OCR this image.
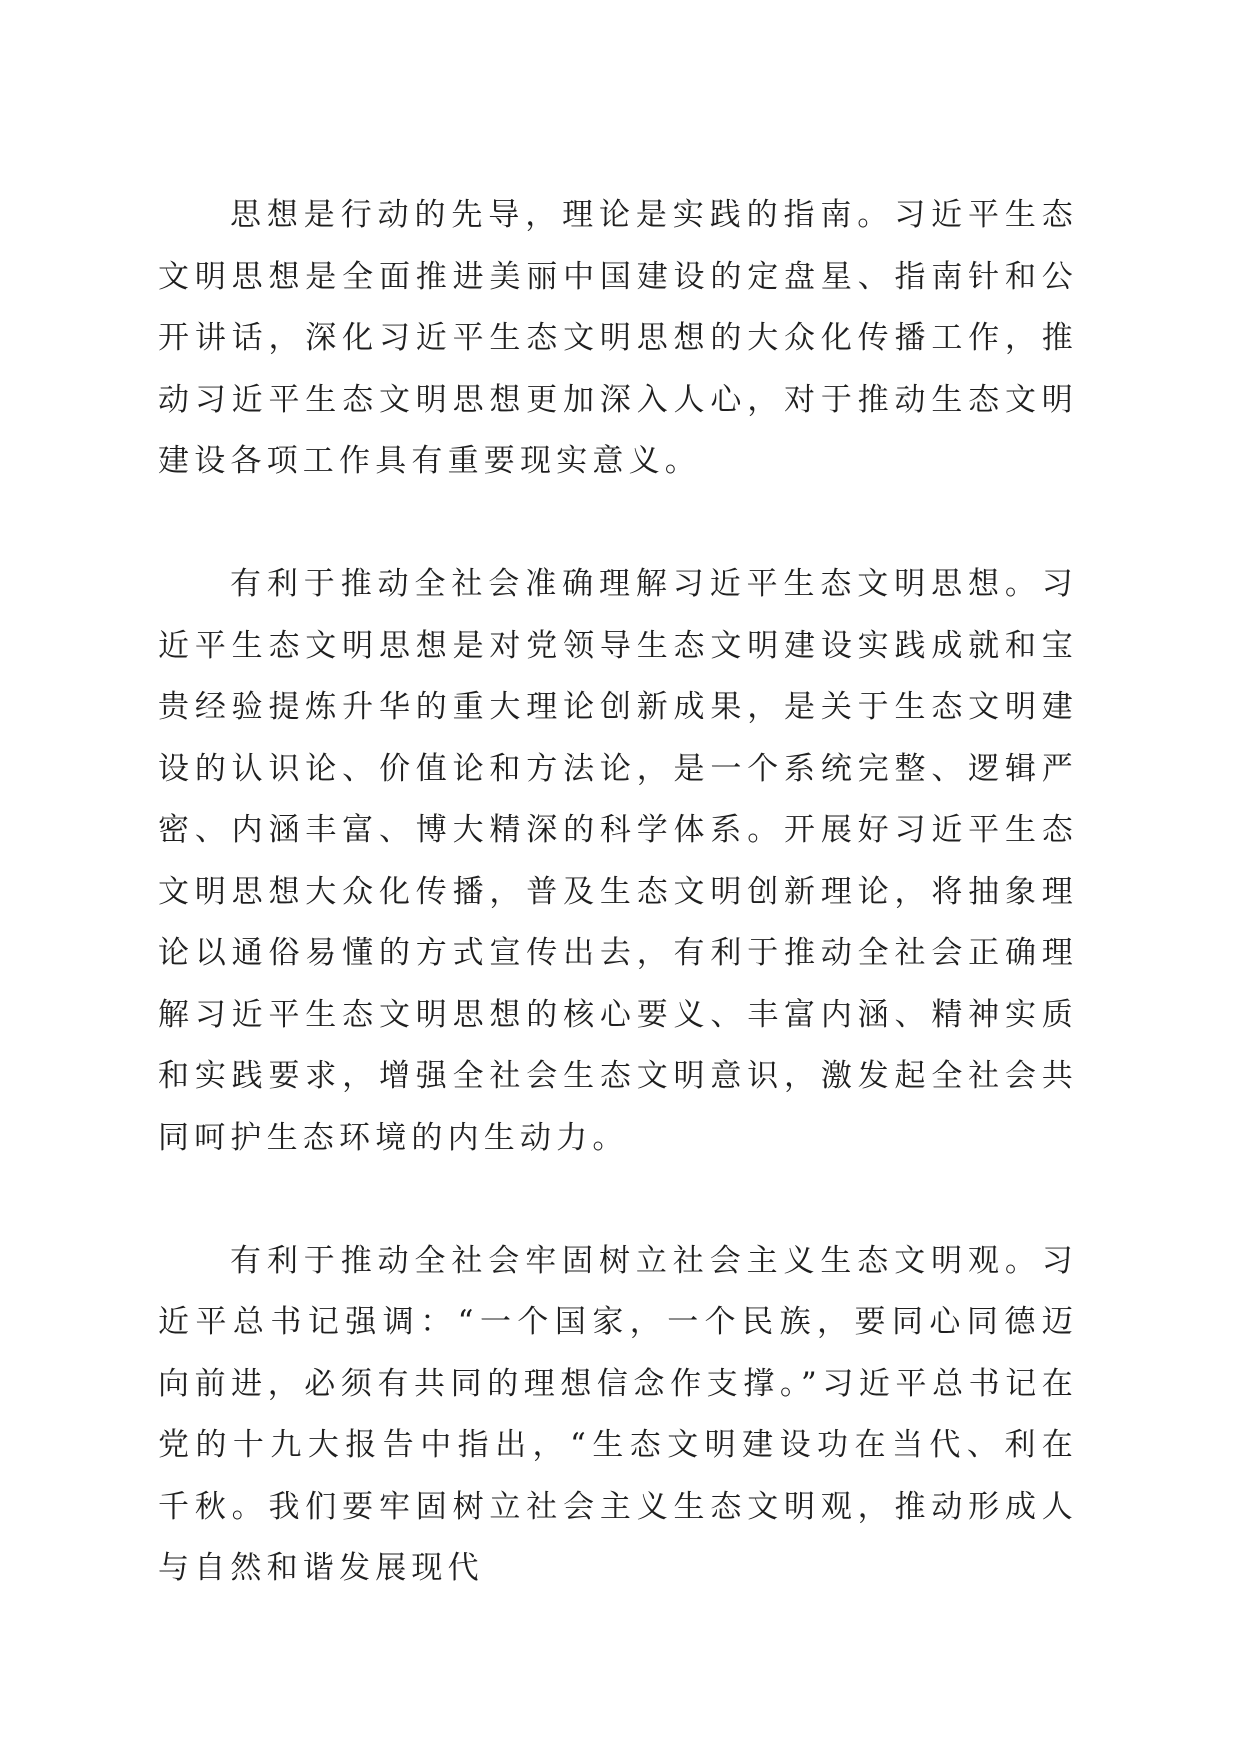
思想是行动的先导，理论是实践的指南。习近平生态文明思想是全面推进美丽中国建设的定盘星、指南针和公开讲话，深化习近平生态文明思想的大众化传播工作，推动习近平生态文明思想更加深入人心，对于推动生态文明建设各项工作具有重要现实意义。

有利于推动全社会准确理解习近平生态文明思想。习近平生态文明思想是对党领导生态文明建设实践成就和宝贵经验提炼升华的重大理论创新成果，是关于生态文明建设的认识论、价值论和方法论，是一个系统完整、逻辑严密、内涵丰富、博大精深的科学体系。开展好习近平生态文明思想大众化传播，普及生态文明创新理论，将抽象理论以通俗易懂的方式宣传出去，有利于推动全社会正确理解习近平生态文明思想的核心要义、丰富内涵、精神实质和实践要求，增强全社会生态文明意识，激发起全社会共同呵护生态环境的内生动力。

有利于推动全社会牢固树立社会主义生态文明观。习近平总书记强调：“一个国家，一个民族，要同心同德迈向前进，必须有共同的理想信念作支撑。”习近平总书记在党的十九大报告中指出，“生态文明建设功在当代、利在千秋。我们要牢固树立社会主义生态文明观，推动形成人与自然和谐发展现代
